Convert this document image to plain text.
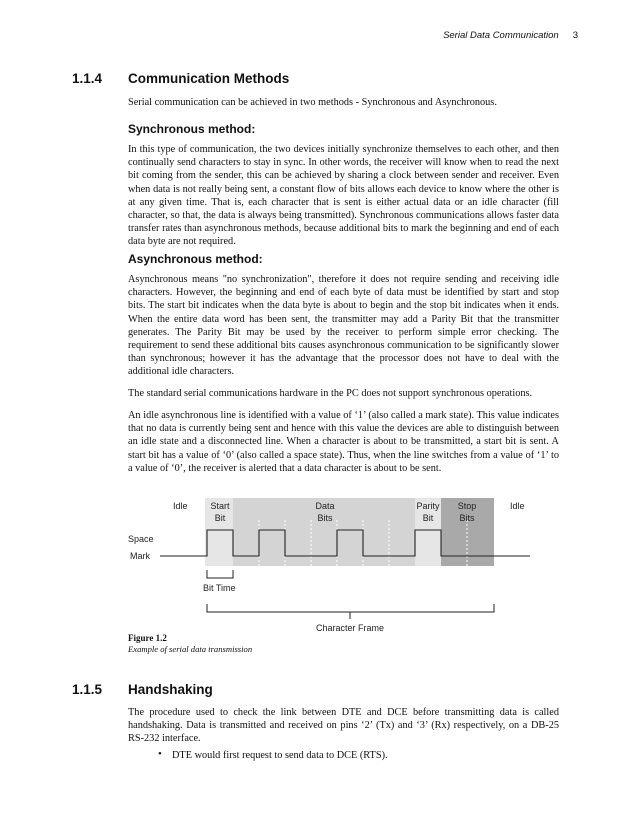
Serial Data Communication 3
1.1.4 Communication Methods

Serial communication can be achieved in two methods - Synchronous and Asynchronous.

Synchronous method:

In this type of communication, the two devices initially synchronize themselves to each other, and then continually send characters to stay in sync. In other words, the receiver will know when to read the next bit coming from the sender, this can be achieved by sharing a clock between sender and receiver. Even when data is not really being sent, a constant flow of bits allows each device to know where the other is at any given time. That is, each character that is sent is either actual data or an idle character (fill character, so that, the data is always being transmitted). Synchronous communications allows faster data transfer rates than asynchronous methods, because additional bits to mark the beginning and end of each data byte are not required.

Asynchronous method:

Asynchronous means "no synchronization", therefore it does not require sending and receiving idle characters. However, the beginning and end of each byte of data must be identified by start and stop bits. The start bit indicates when the data byte is about to begin and the stop bit indicates when it ends. When the entire data word has been sent, the transmitter may add a Parity Bit that the transmitter generates. The Parity Bit may be used by the receiver to perform simple error checking. The requirement to send these additional bits causes asynchronous communication to be significantly slower than synchronous; however it has the advantage that the processor does not have to deal with the additional idle characters.

The standard serial communications hardware in the PC does not support synchronous operations.

An idle asynchronous line is identified with a value of ‘1’ (also called a mark state). This value indicates that no data is currently being sent and hence with this value the devices are able to distinguish between an idle state and a disconnected line. When a character is about to be transmitted, a start bit is sent. A start bit has a value of ‘0’ (also called a space state). Thus, when the line switches from a value of ‘1’ to a value of ‘0’, the receiver is alerted that a data character is about to be sent.

Idle	Start
Bit
Data
Bits
Parity
Bit
Stop
Bits
Idle
Space
Mark
Bit Time
Character Frame
Figure 1.2
Example of serial data transmission
1.1.5 Handshaking

The procedure used to check the link between DTE and DCE before transmitting data is called handshaking. Data is transmitted and received on pins ‘2’ (Tx) and ‘3’ (Rx) respectively, on a DB-25 RS-232 interface.

• DTE would first request to send data to DCE (RTS).
